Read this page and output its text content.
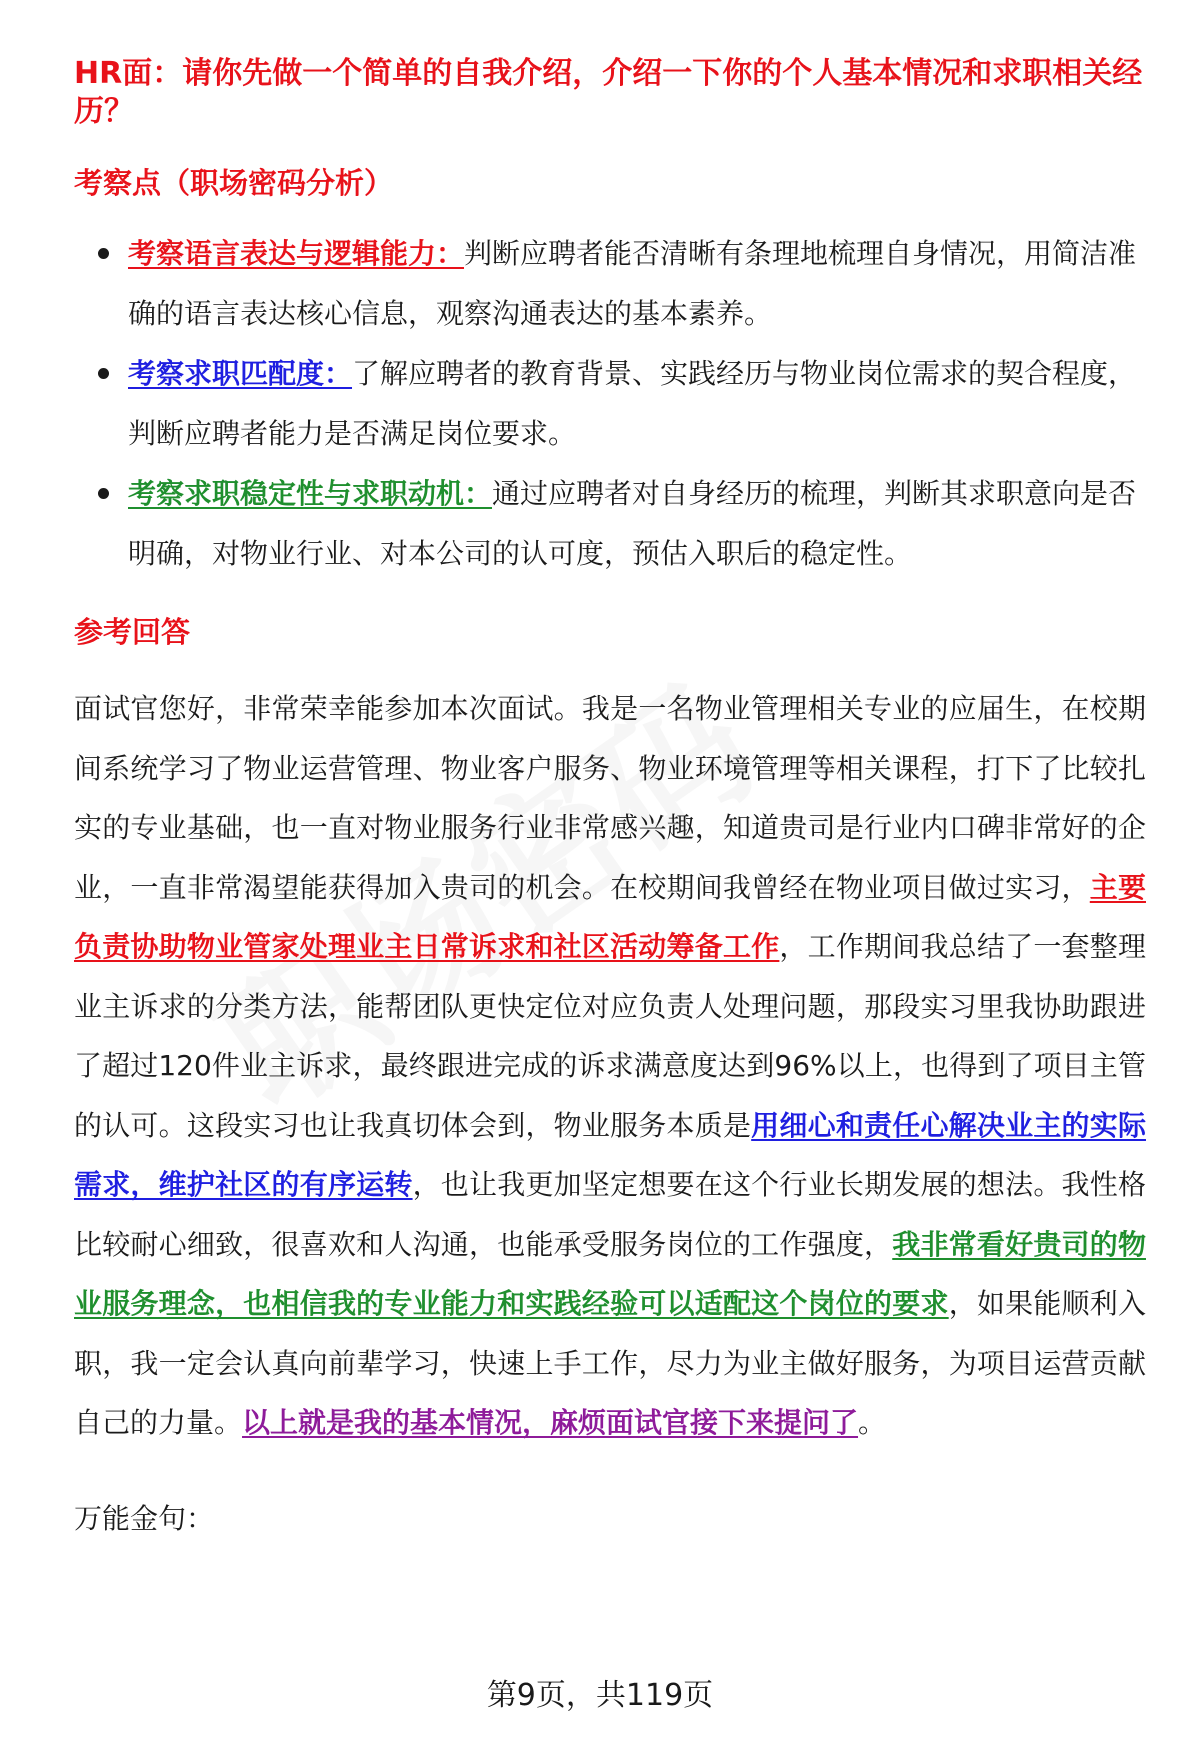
HR面：请你先做一个简单的自我介绍，介绍一下你的个人基本情况和求职相关经历？

考察点（职场密码分析）

考察语言表达与逻辑能力：判断应聘者能否清晰有条理地梳理自身情况，用简洁准确的语言表达核心信息，观察沟通表达的基本素养。
考察求职匹配度：了解应聘者的教育背景、实践经历与物业岗位需求的契合程度，判断应聘者能力是否满足岗位要求。
考察求职稳定性与求职动机：通过应聘者对自身经历的梳理，判断其求职意向是否明确，对物业行业、对本公司的认可度，预估入职后的稳定性。

参考回答

面试官您好，非常荣幸能参加本次面试。我是一名物业管理相关专业的应届生，在校期间系统学习了物业运营管理、物业客户服务、物业环境管理等相关课程，打下了比较扎实的专业基础，也一直对物业服务行业非常感兴趣，知道贵司是行业内口碑非常好的企业，一直非常渴望能获得加入贵司的机会。在校期间我曾经在物业项目做过实习，主要负责协助物业管家处理业主日常诉求和社区活动筹备工作，工作期间我总结了一套整理业主诉求的分类方法，能帮团队更快定位对应负责人处理问题，那段实习里我协助跟进了超过120件业主诉求，最终跟进完成的诉求满意度达到96%以上，也得到了项目主管的认可。这段实习也让我真切体会到，物业服务本质是用细心和责任心解决业主的实际需求，维护社区的有序运转，也让我更加坚定想要在这个行业长期发展的想法。我性格比较耐心细致，很喜欢和人沟通，也能承受服务岗位的工作强度，我非常看好贵司的物业服务理念，也相信我的专业能力和实践经验可以适配这个岗位的要求，如果能顺利入职，我一定会认真向前辈学习，快速上手工作，尽力为业主做好服务，为项目运营贡献自己的力量。以上就是我的基本情况，麻烦面试官接下来提问了。

万能金句：

第9页，共119页
